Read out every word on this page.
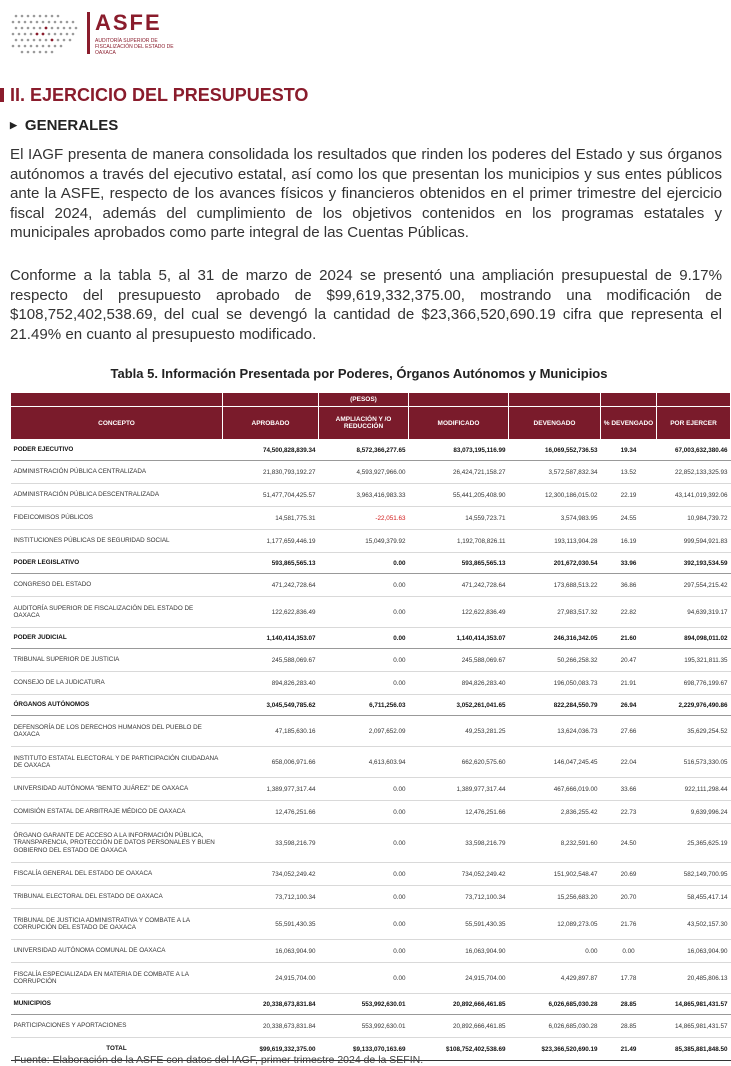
ASFE
AUDITORÍA SUPERIOR DE FISCALIZACIÓN DEL ESTADO DE OAXACA
II. EJERCICIO DEL PRESUPUESTO
▶ GENERALES
El IAGF presenta de manera consolidada los resultados que rinden los poderes del Estado y sus órganos autónomos a través del ejecutivo estatal, así como los que presentan los municipios y sus entes públicos ante la ASFE, respecto de los avances físicos y financieros obtenidos en el primer trimestre del ejercicio fiscal 2024, además del cumplimiento de los objetivos contenidos en los programas estatales y municipales aprobados como parte integral de las Cuentas Públicas.
Conforme a la tabla 5, al 31 de marzo de 2024 se presentó una ampliación presupuestal de 9.17% respecto del presupuesto aprobado de $99,619,332,375.00, mostrando una modificación de $108,752,402,538.69, del cual se devengó la cantidad de $23,366,520,690.19 cifra que representa el 21.49% en cuanto al presupuesto modificado.
Tabla 5. Información Presentada por Poderes, Órganos Autónomos y Municipios
		(PESOS)				
CONCEPTO	APROBADO	AMPLIACIÓN Y /O REDUCCIÓN	MODIFICADO	DEVENGADO	% DEVENGADO	POR EJERCER
PODER EJECUTIVO	74,500,828,839.34	8,572,366,277.65	83,073,195,116.99	16,069,552,736.53	19.34	67,003,632,380.46
ADMINISTRACIÓN PÚBLICA CENTRALIZADA	21,830,793,192.27	4,593,927,966.00	26,424,721,158.27	3,572,587,832.34	13.52	22,852,133,325.93
ADMINISTRACIÓN PÚBLICA DESCENTRALIZADA	51,477,704,425.57	3,963,416,983.33	55,441,205,408.90	12,300,186,015.02	22.19	43,141,019,392.06
FIDEICOMISOS PÚBLICOS	14,581,775.31	-22,051.63	14,559,723.71	3,574,983.95	24.55	10,984,739.72
INSTITUCIONES PÚBLICAS DE SEGURIDAD SOCIAL	1,177,659,446.19	15,049,379.92	1,192,708,826.11	193,113,904.28	16.19	999,594,921.83
PODER LEGISLATIVO	593,865,565.13	0.00	593,865,565.13	201,672,030.54	33.96	392,193,534.59
CONGRESO DEL ESTADO	471,242,728.64	0.00	471,242,728.64	173,688,513.22	36.86	297,554,215.42
AUDITORÍA SUPERIOR DE FISCALIZACIÓN DEL ESTADO DE OAXACA	122,622,836.49	0.00	122,622,836.49	27,983,517.32	22.82	94,639,319.17
PODER JUDICIAL	1,140,414,353.07	0.00	1,140,414,353.07	246,316,342.05	21.60	894,098,011.02
TRIBUNAL SUPERIOR DE JUSTICIA	245,588,069.67	0.00	245,588,069.67	50,266,258.32	20.47	195,321,811.35
CONSEJO DE LA JUDICATURA	894,826,283.40	0.00	894,826,283.40	196,050,083.73	21.91	698,776,199.67
ÓRGANOS AUTÓNOMOS	3,045,549,785.62	6,711,256.03	3,052,261,041.65	822,284,550.79	26.94	2,229,976,490.86
DEFENSORÍA DE LOS DERECHOS HUMANOS DEL PUEBLO DE OAXACA	47,185,630.16	2,097,652.09	49,253,281.25	13,624,036.73	27.66	35,629,254.52
INSTITUTO ESTATAL ELECTORAL Y DE PARTICIPACIÓN CIUDADANA DE OAXACA	658,006,971.66	4,613,603.94	662,620,575.60	146,047,245.45	22.04	516,573,330.05
UNIVERSIDAD AUTÓNOMA "BENITO JUÁREZ" DE OAXACA	1,389,977,317.44	0.00	1,389,977,317.44	467,666,019.00	33.66	922,111,298.44
COMISIÓN ESTATAL DE ARBITRAJE MÉDICO DE OAXACA	12,476,251.66	0.00	12,476,251.66	2,836,255.42	22.73	9,639,996.24
ÓRGANO GARANTE DE ACCESO A LA INFORMACIÓN PÚBLICA, TRANSPARENCIA, PROTECCIÓN DE DATOS PERSONALES Y BUEN GOBIERNO DEL ESTADO DE OAXACA	33,598,216.79	0.00	33,598,216.79	8,232,591.60	24.50	25,365,625.19
FISCALÍA GENERAL DEL ESTADO DE OAXACA	734,052,249.42	0.00	734,052,249.42	151,902,548.47	20.69	582,149,700.95
TRIBUNAL ELECTORAL DEL ESTADO DE OAXACA	73,712,100.34	0.00	73,712,100.34	15,256,683.20	20.70	58,455,417.14
TRIBUNAL DE JUSTICIA ADMINISTRATIVA Y COMBATE A LA CORRUPCIÓN DEL ESTADO DE OAXACA	55,591,430.35	0.00	55,591,430.35	12,089,273.05	21.76	43,502,157.30
UNIVERSIDAD AUTÓNOMA COMUNAL DE OAXACA	16,063,904.90	0.00	16,063,904.90	0.00	0.00	16,063,904.90
FISCALÍA ESPECIALIZADA EN MATERIA DE COMBATE A LA CORRUPCIÓN	24,915,704.00	0.00	24,915,704.00	4,429,897.87	17.78	20,485,806.13
MUNICIPIOS	20,338,673,831.84	553,992,630.01	20,892,666,461.85	6,026,685,030.28	28.85	14,865,981,431.57
PARTICIPACIONES Y APORTACIONES	20,338,673,831.84	553,992,630.01	20,892,666,461.85	6,026,685,030.28	28.85	14,865,981,431.57
TOTAL	$99,619,332,375.00	$9,133,070,163.69	$108,752,402,538.69	$23,366,520,690.19	21.49	85,385,881,848.50
Fuente: Elaboración de la ASFE con datos del IAGF, primer trimestre 2024 de la SEFIN.
